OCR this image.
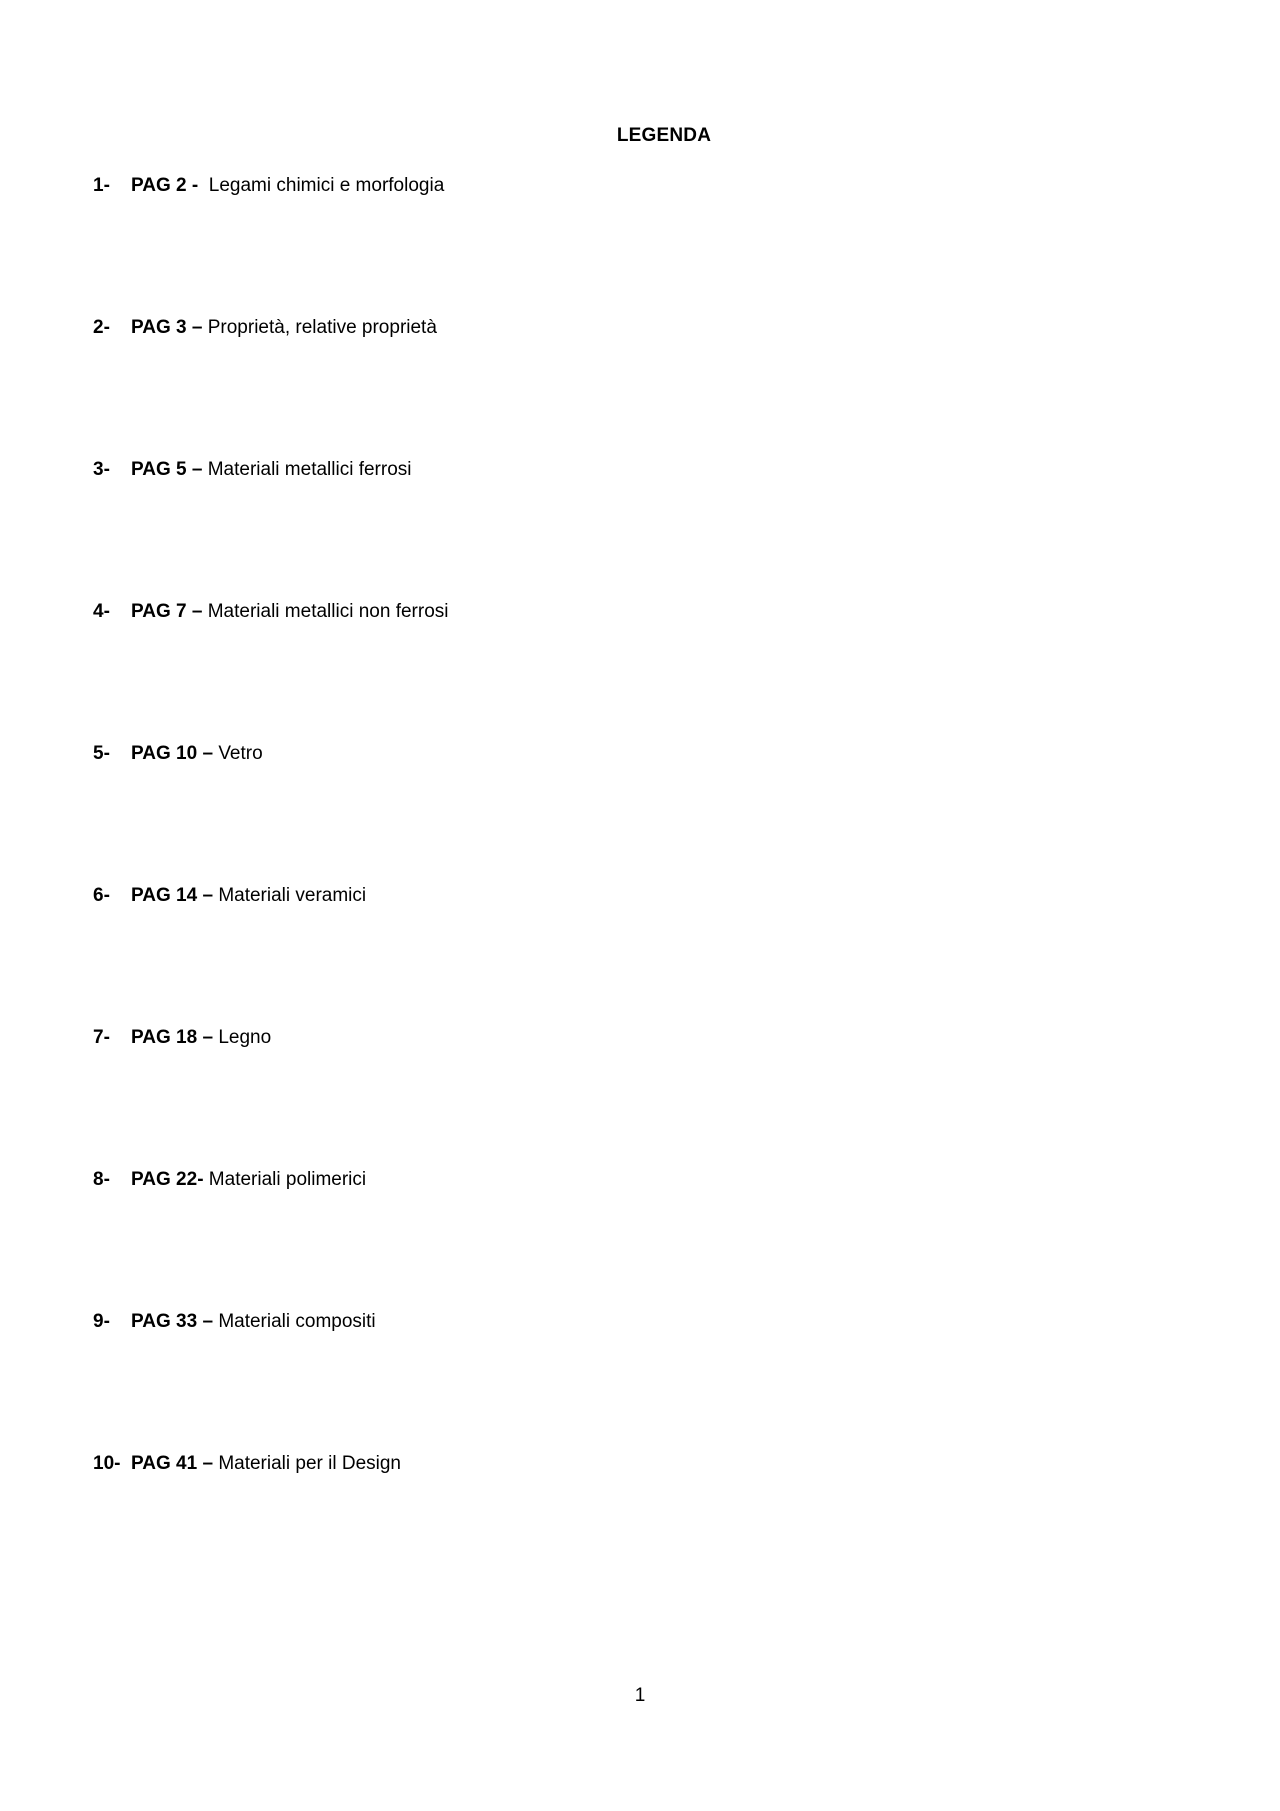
LEGENDA
1-	PAG 2 - Legami chimici e morfologia
2-	PAG 3 – Proprietà, relative proprietà
3-	PAG 5 – Materiali metallici ferrosi
4-	PAG 7 – Materiali metallici non ferrosi
5-	PAG 10 – Vetro
6-	PAG 14 – Materiali veramici
7-	PAG 18 – Legno
8-	PAG 22 - Materiali polimerici
9-	PAG 33 – Materiali compositi
10- PAG 41 – Materiali per il Design
1
